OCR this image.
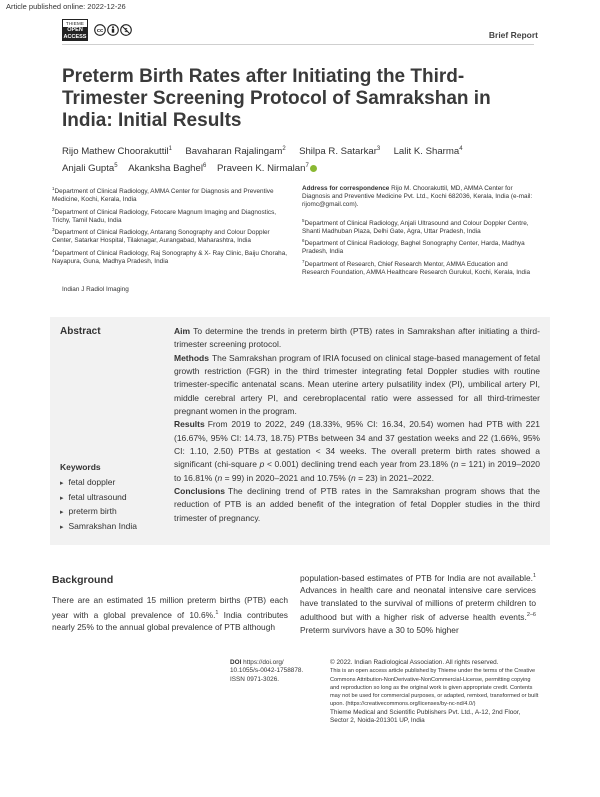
Article published online: 2022-12-26
THIEME
OPEN
ACCESS
cc	$	Brief Report
Preterm Birth Rates after Initiating the Third-Trimester Screening Protocol of Samrakshan in India: Initial Results
Rijo Mathew Choorakuttil$^1$ Bavaharan Rajalingam$^2$ Shilpa R. Satarkar$^3$ Lalit K. Sharma$^4$
Anjali Gupta$^5$ Akanksha Baghel$^6$ Praveen K. Nirmalan$^7$

$^1$Department of Clinical Radiology, AMMA Center for Diagnosis and Preventive Medicine, Kochi, Kerala, India

$^2$Department of Clinical Radiology, Fetocare Magnum Imaging and Diagnostics, Trichy, Tamil Nadu, India

$^3$Department of Clinical Radiology, Antarang Sonography and Colour Doppler Center, Satarkar Hospital, Tilaknagar, Aurangabad, Maharashtra, India

$^4$Department of Clinical Radiology, Raj Sonography & X- Ray Clinic, Baiju Choraha, Nayapura, Guna, Madhya Pradesh, India

Address for correspondence Rijo M. Choorakuttil, MD, AMMA Center for Diagnosis and Preventive Medicine Pvt. Ltd., Kochi 682036, Kerala, India (e-mail: rijomc@gmail.com).

$^5$Department of Clinical Radiology, Anjali Ultrasound and Colour Doppler Centre, Shanti Madhuban Plaza, Delhi Gate, Agra, Uttar Pradesh, India

$^6$Department of Clinical Radiology, Baghel Sonography Center, Harda, Madhya Pradesh, India

$^7$Department of Research, Chief Research Mentor, AMMA Education and Research Foundation, AMMA Healthcare Research Gurukul, Kochi, Kerala, India

Indian J Radiol Imaging
Abstract	Aim To determine the trends in preterm birth (PTB) rates in Samrakshan after initiating a third-trimester screening protocol.
Methods The Samrakshan program of IRIA focused on clinical stage-based management of fetal growth restriction (FGR) in the third trimester integrating fetal Doppler studies with routine trimester-specific antenatal scans. Mean uterine artery pulsatility index (PI), umbilical artery PI, middle cerebral artery PI, and cerebroplacental ratio were assessed for all third-trimester pregnant women in the program.
Results From 2019 to 2022, 249 (18.33%, 95% CI: 16.34, 20.54) women had PTB with 221 (16.67%, 95% CI: 14.73, 18.75) PTBs between 34 and 37 gestation weeks and 22 (1.66%, 95% CI: 1.10, 2.50) PTBs at gestation < 34 weeks. The overall preterm birth rates showed a significant (chi-square p < 0.001) declining trend each year from 23.18% (n = 121) in 2019–2020 to 16.81% (n = 99) in 2020–2021 and 10.75% (n = 23) in 2021–2022.
Conclusions The declining trend of PTB rates in the Samrakshan program shows that the reduction of PTB is an added benefit of the integration of fetal Doppler studies in the third trimester of pregnancy.
Keywords
▸ fetal doppler
▸ fetal ultrasound
▸ preterm birth
▸ Samrakshan India
Background
There are an estimated 15 million preterm births (PTB) each year with a global prevalence of 10.6%.$^1$ India contributes nearly 25% to the annual global prevalence of PTB although
population-based estimates of PTB for India are not available.$^1$ Advances in health care and neonatal intensive care services have translated to the survival of millions of preterm children to adulthood but with a higher risk of adverse health events.$^{2-6}$ Preterm survivors have a 30 to 50% higher
DOI https://doi.org/
10.1055/s-0042-1758878.
ISSN 0971-3026.
© 2022. Indian Radiological Association. All rights reserved.
This is an open access article published by Thieme under the terms of the Creative Commons Attribution-NonDerivative-NonCommercial-License, permitting copying and reproduction so long as the original work is given appropriate credit. Contents may not be used for commercial purposes, or adapted, remixed, transformed or built upon. (https://creativecommons.org/licenses/by-nc-nd/4.0/)
Thieme Medical and Scientific Publishers Pvt. Ltd., A-12, 2nd Floor, Sector 2, Noida-201301 UP, India
